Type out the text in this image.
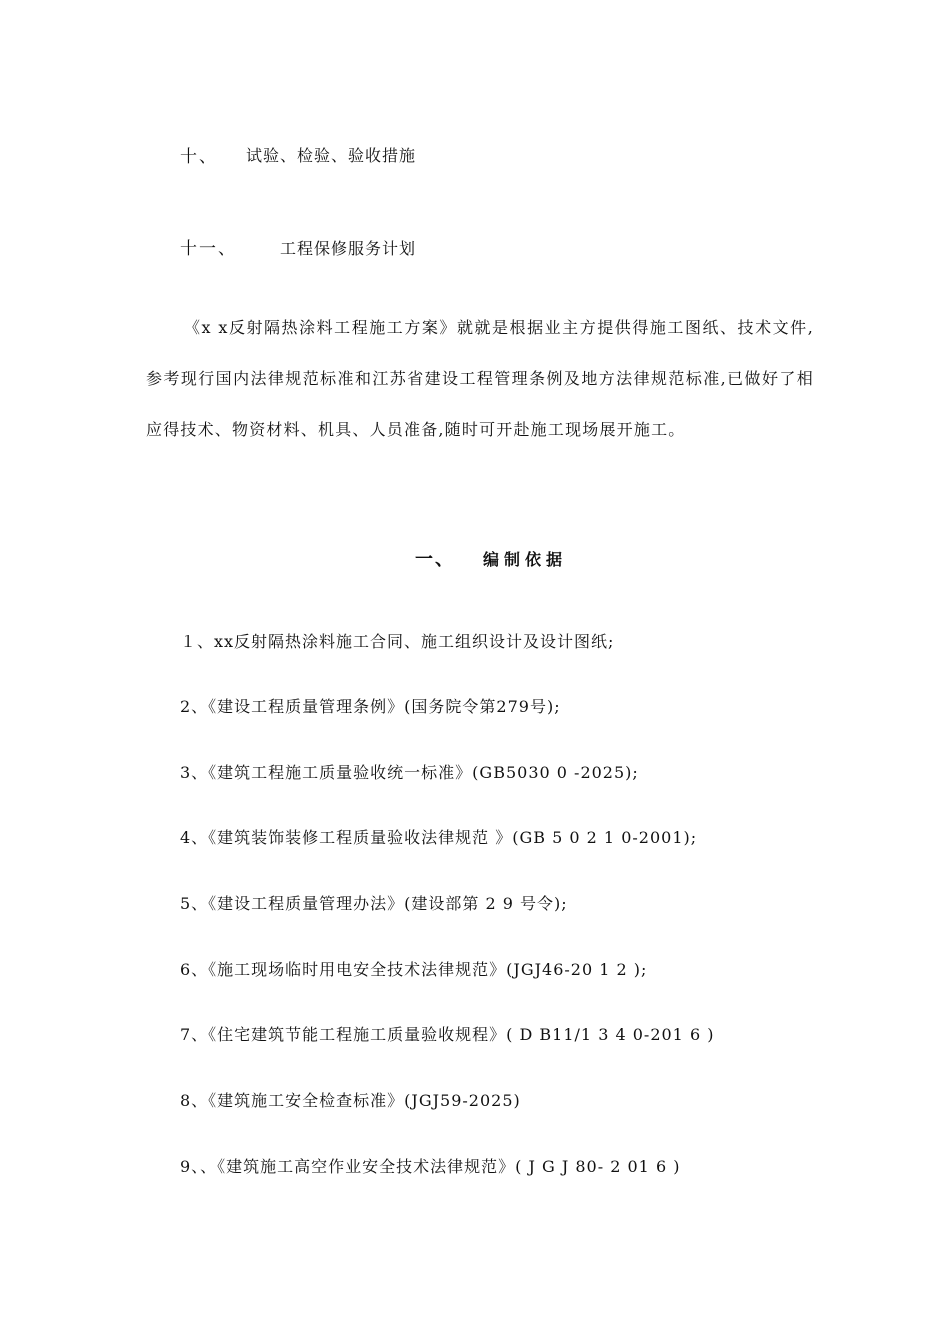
十、 试验、检验、验收措施
十一、	工程保修服务计划
《x x反射隔热涂料工程施工方案》就就是根据业主方提供得施工图纸、技术文件,参考现行国内法律规范标准和江苏省建设工程管理条例及地方法律规范标准,已做好了相应得技术、物资材料、机具、人员准备,随时可开赴施工现场展开施工。
一、 编制依据
１、xx反射隔热涂料施工合同、施工组织设计及设计图纸;
2、《建设工程质量管理条例》(国务院令第279号);
3、《建筑工程施工质量验收统一标准》(GB5030 0 -2025);
4、《建筑装饰装修工程质量验收法律规范 》(GB 5 0 2 1 0-2001);
5、《建设工程质量管理办法》(建设部第 2 9 号令);
6、《施工现场临时用电安全技术法律规范》(JGJ46-20 1 2 );
7、《住宅建筑节能工程施工质量验收规程》( D B11/1 3 4 0-201 6 )
8、《建筑施工安全检查标准》(JGJ59-2025)
9、、《建筑施工高空作业安全技术法律规范》( J G J 80- 2 01 6 )
